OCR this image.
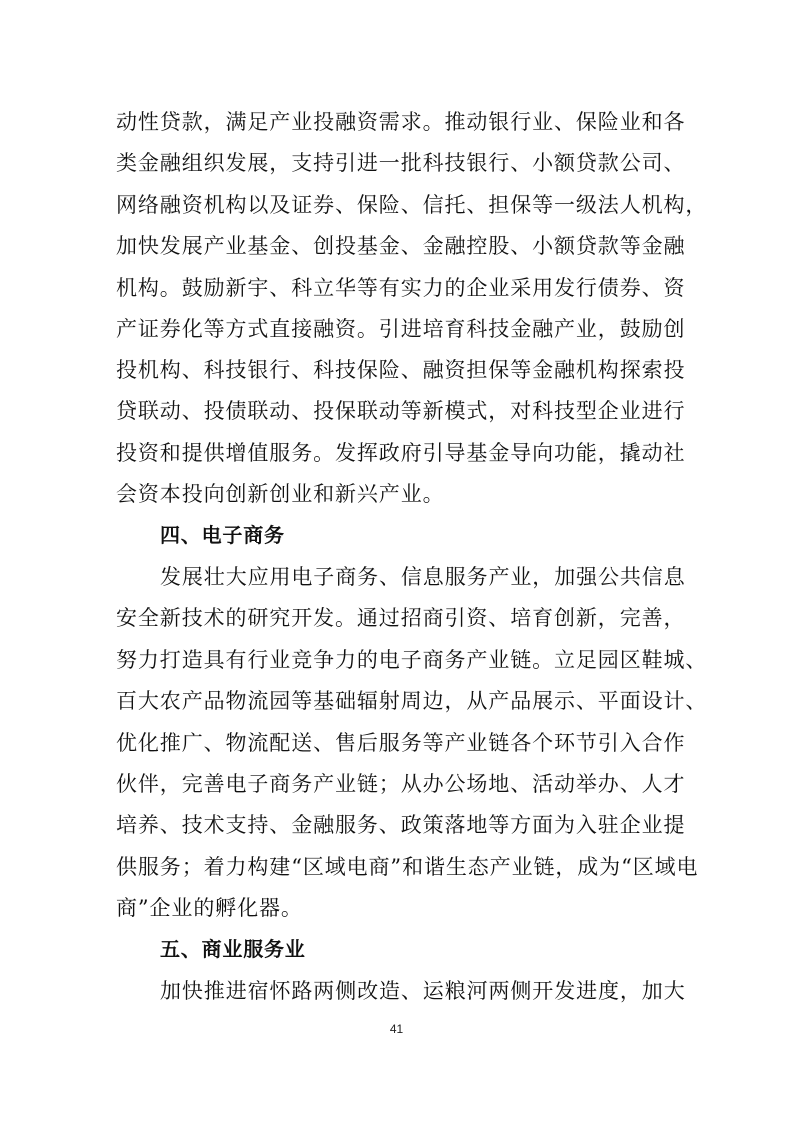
动性贷款，满足产业投融资需求。推动银行业、保险业和各
类金融组织发展，支持引进一批科技银行、小额贷款公司、
网络融资机构以及证券、保险、信托、担保等一级法人机构，
加快发展产业基金、创投基金、金融控股、小额贷款等金融
机构。鼓励新宇、科立华等有实力的企业采用发行债券、资
产证券化等方式直接融资。引进培育科技金融产业，鼓励创
投机构、科技银行、科技保险、融资担保等金融机构探索投
贷联动、投债联动、投保联动等新模式，对科技型企业进行
投资和提供增值服务。发挥政府引导基金导向功能，撬动社
会资本投向创新创业和新兴产业。
四、电子商务
发展壮大应用电子商务、信息服务产业，加强公共信息
安全新技术的研究开发。通过招商引资、培育创新，完善，
努力打造具有行业竞争力的电子商务产业链。立足园区鞋城、
百大农产品物流园等基础辐射周边，从产品展示、平面设计、
优化推广、物流配送、售后服务等产业链各个环节引入合作
伙伴，完善电子商务产业链；从办公场地、活动举办、人才
培养、技术支持、金融服务、政策落地等方面为入驻企业提
供服务；着力构建“区域电商”和谐生态产业链，成为“区域电
商”企业的孵化器。
五、商业服务业
加快推进宿怀路两侧改造、运粮河两侧开发进度，加大
41
